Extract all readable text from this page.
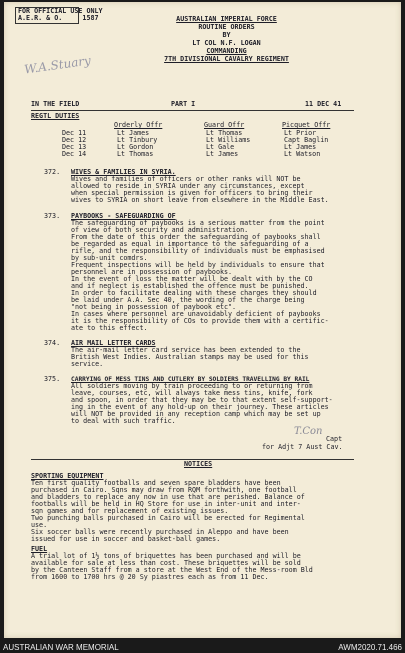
FOR OFFICIAL USE ONLY
A.E.R. & O.     1587
W.A.Stuary
AUSTRALIAN IMPERIAL FORCE
ROUTINE ORDERS
BY
LT COL N.F. LOGAN
COMMANDING
7TH DIVISIONAL CAVALRY REGIMENT
IN THE FIELD	PART I	11 DEC 41
REGTL DUTIES
Orderly Offr	Guard Offr	Picquet Offr
Dec 11	Lt James	Lt Thomas	Lt Prior
Dec 12	Lt Tinbury	Lt Williams	Capt Baglin
Dec 13	Lt Gordon	Lt Gale	Lt James
Dec 14	Lt Thomas	Lt James	Lt Watson
372. WIVES & FAMILIES IN SYRIA.
Wives and families of officers or other ranks will NOT be
allowed to reside in SYRIA under any circumstances, except
when special permission is given for officers to bring their
wives to SYRIA on short leave from elsewhere in the Middle East.
373. PAYBOOKS - SAFEGUARDING OF
The safeguarding of paybooks is a serious matter from the point
of view of both security and administration.
From the date of this order the safeguarding of paybooks shall
be regarded as equal in importance to the safeguarding of a
rifle, and the responsibility of individuals must be emphasised
by sub-unit comdrs.
Frequent inspections will be held by individuals to ensure that
personnel are in possession of paybooks.
In the event of loss the matter will be dealt with by the CO
and if neglect is established the offence must be punished.
In order to facilitate dealing with these charges they should
be laid under A.A. Sec 40, the wording of the charge being
"not being in possession of paybook etc".
In cases where personnel are unavoidably deficient of paybooks
it is the responsibility of COs to provide them with a certific-
ate to this effect.
374. AIR MAIL LETTER CARDS
The air-mail letter card service has been extended to the
British West Indies. Australian stamps may be used for this
service.
375. CARRYING OF MESS TINS AND CUTLERY BY SOLDIERS TRAVELLING BY RAIL
All soldiers moving by train proceeding to or returning from
leave, courses, etc, will always take mess tins, knife, fork
and spoon, in order that they may be to that extent self-support-
ing in the event of any hold-up on their journey. These articles
will NOT be provided in any reception camp which may be set up
to deal with such traffic.
T.Con
Capt
for Adjt 7 Aust Cav.
NOTICES
SPORTING EQUIPMENT
Ten first quality footballs and seven spare bladders have been
purchased in Cairo. Sqns may draw from RQM forthwith, one football
and bladders to replace any now in use that are perished. Balance of
footballs will be held in HQ Store for use in inter-unit and inter-
sqn games and for replacement of existing issues.
Two punching balls purchased in Cairo will be erected for Regimental
use.
Six soccer balls were recently purchased in Aleppo and have been
issued for use in soccer and basket-ball games.
FUEL
A trial lot of 1½ tons of briquettes has been purchased and will be
available for sale at less than cost. These briquettes will be sold
by the Canteen Staff from a store at the West End of the Mess-room Bld
from 1600 to 1700 hrs @ 20 Sy piastres each as from 11 Dec.
AUSTRALIAN WAR MEMORIAL	AWM2020.71.466
